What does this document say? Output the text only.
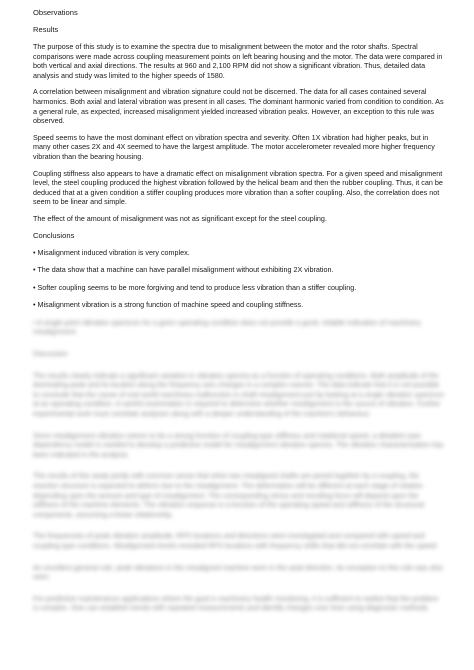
Observations

Results

The purpose of this study is to examine the spectra due to misalignment between the motor and the rotor shafts. Spectral comparisons were made across coupling measurement points on left bearing housing and the motor. The data were compared in both vertical and axial directions. The results at 960 and 2,100 RPM did not show a significant vibration. Thus, detailed data analysis and study was limited to the higher speeds of 1580.

A correlation between misalignment and vibration signature could not be discerned. The data for all cases contained several harmonics. Both axial and lateral vibration was present in all cases. The dominant harmonic varied from condition to condition. As a general rule, as expected, increased misalignment yielded increased vibration peaks. However, an exception to this rule was observed.

Speed seems to have the most dominant effect on vibration spectra and severity. Often 1X vibration had higher peaks, but in many other cases 2X and 4X seemed to have the largest amplitude. The motor accelerometer revealed more higher frequency vibration than the bearing housing.

Coupling stiffness also appears to have a dramatic effect on misalignment vibration spectra. For a given speed and misalignment level, the steel coupling produced the highest vibration followed by the helical beam and then the rubber coupling. Thus, it can be deduced that at a given condition a stiffer coupling produces more vibration than a softer coupling. Also, the correlation does not seem to be linear and simple.

The effect of the amount of misalignment was not as significant except for the steel coupling.

Conclusions

• Misalignment induced vibration is very complex.

• The data show that a machine can have parallel misalignment without exhibiting 2X vibration.

• Softer coupling seems to be more forgiving and tend to produce less vibration than a stiffer coupling.

• Misalignment vibration is a strong function of machine speed and coupling stiffness.

• A single point vibration spectrum for a given operating condition does not provide a good, reliable indication of machinery misalignment.

Discussion

The results clearly indicate a significant variation in vibration spectra as a function of operating conditions. Both amplitude of the dominating peak and its location along the frequency axis changes in a complex manner. The data indicate that it is not possible to conclude that the cause of real world machinery malfunction is shaft misalignment just by looking at a single vibration spectrum at an operating condition. A careful examination is required to determine whether misalignment is the source of vibration. Further experimental work must correlate analyses along with a deeper understanding of the machine's behaviour.

Since misalignment vibration seems to be a strong function of coupling type stiffness and rotational speed, a detailed case dependency model is needed to develop a predictive model for misalignment vibration spectra. The vibration characterization has been indicated in the analysis.

The results of this study jointly with common sense that when two misaligned shafts are joined together by a coupling, the reaction structure is expected to deform due to the misalignment. The deformation will be different at each stage of rotation depending upon the amount and type of misalignment. The corresponding stress and resulting force will depend upon the stiffness of the machine elements. The vibration response is a function of the operating speed and stiffness of the structural components, assuming a linear relationship.

The frequencies of peak vibration amplitude, RPS locations and directions were investigated and compared with speed and coupling type conditions. Misalignment levels revealed RPS locations with frequency shifts that did not correlate with the speed.

An excellent general rule, peak vibrations in the misaligned machine were in the axial direction. An exception to this rule was also seen.

For predictive maintenance applications where the goal is machinery health monitoring, it is sufficient to realize that the problem is complex. One can establish trends with repeated measurements and identify changes over time using diagnostic methods.
